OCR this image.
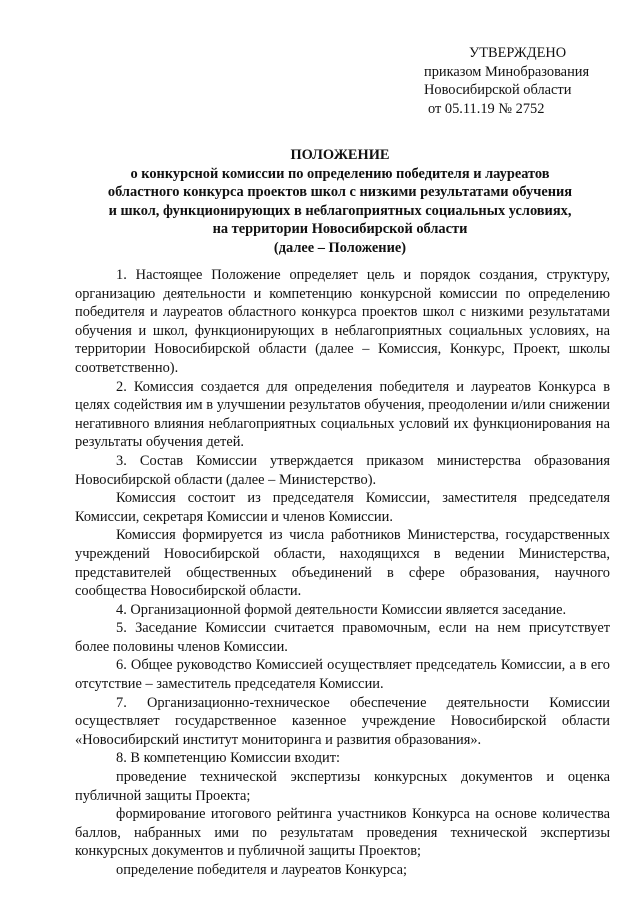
УТВЕРЖДЕНО
приказом Минобразования
Новосибирской области
от 05.11.19 № 2752
ПОЛОЖЕНИЕ
о конкурсной комиссии по определению победителя и лауреатов
областного конкурса проектов школ с низкими результатами обучения
и школ, функционирующих в неблагоприятных социальных условиях,
на территории Новосибирской области
(далее – Положение)

1. Настоящее Положение определяет цель и порядок создания, структуру, организацию деятельности и компетенцию конкурсной комиссии по определению победителя и лауреатов областного конкурса проектов школ с низкими результатами обучения и школ, функционирующих в неблагоприятных социальных условиях, на территории Новосибирской области (далее – Комиссия, Конкурс, Проект, школы соответственно).

2. Комиссия создается для определения победителя и лауреатов Конкурса в целях содействия им в улучшении результатов обучения, преодолении и/или снижении негативного влияния неблагоприятных социальных условий их функционирования на результаты обучения детей.

3. Состав Комиссии утверждается приказом министерства образования Новосибирской области (далее – Министерство).

Комиссия состоит из председателя Комиссии, заместителя председателя Комиссии, секретаря Комиссии и членов Комиссии.

Комиссия формируется из числа работников Министерства, государственных учреждений Новосибирской области, находящихся в ведении Министерства, представителей общественных объединений в сфере образования, научного сообщества Новосибирской области.

4. Организационной формой деятельности Комиссии является заседание.

5. Заседание Комиссии считается правомочным, если на нем присутствует более половины членов Комиссии.

6. Общее руководство Комиссией осуществляет председатель Комиссии, а в его отсутствие – заместитель председателя Комиссии.

7. Организационно-техническое обеспечение деятельности Комиссии осуществляет государственное казенное учреждение Новосибирской области «Новосибирский институт мониторинга и развития образования».

8. В компетенцию Комиссии входит:

проведение технической экспертизы конкурсных документов и оценка публичной защиты Проекта;

формирование итогового рейтинга участников Конкурса на основе количества баллов, набранных ими по результатам проведения технической экспертизы конкурсных документов и публичной защиты Проектов;

определение победителя и лауреатов Конкурса;
